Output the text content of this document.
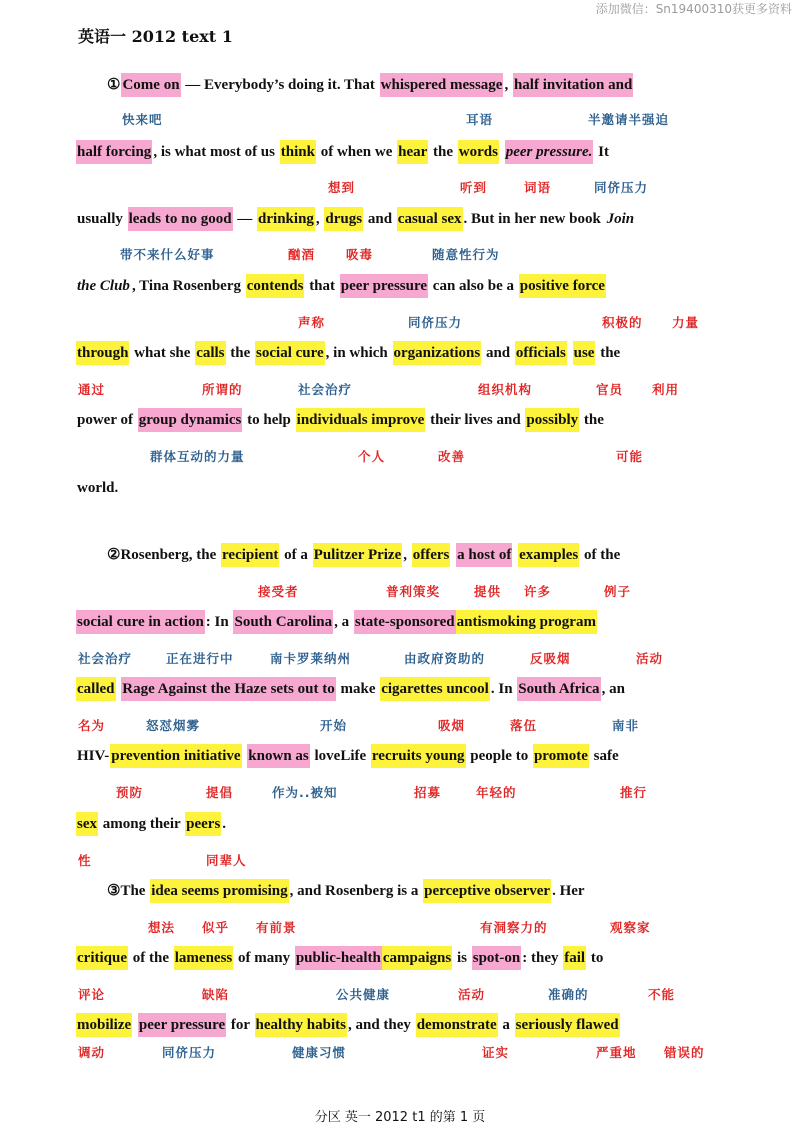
添加微信：Sn19400310获更多资料
英语一 2012 text 1
① Come on — Everybody’s doing it. That whispered message , half invitation and
half forcing , is what most of us think of when we hear the words peer pressure. It
usually leads to no good — drinking , drugs and casual sex . But in her new book Join
the Club , Tina Rosenberg contends that peer pressure can also be a positive force
through what she calls the social cure , in which organizations and officials use the
power of group dynamics to help individuals improve their lives and possibly the
world.
②Rosenberg, the recipient of a Pulitzer Prize , offers a host of examples of the
social cure in action : In South Carolina , a state-sponsored antismoking program
called Rage Against the Haze sets out to make cigarettes uncool . In South Africa , an
HIV- prevention initiative known as loveLife recruits young people to promote safe
sex among their peers .
③The idea seems promising , and Rosenberg is a perceptive observer . Her
critique of the lameness of many public-health campaigns is spot-on : they fail to
mobilize peer pressure for healthy habits , and they demonstrate a seriously flawed
快来吧	耳语	半邀请半强迫
想到	听到	词语	同侪压力
带不来什么好事	酗酒 吸毒	随意性行为
声称	同侪压力	积极的 力量
通过	所谓的	社会治疗	组织机构	官员 利用
群体互动的力量	个人	改善	可能
接受者	普利策奖	提供 许多	例子
社会治疗	正在进行中	南卡罗莱纳州	由政府资助的	反吸烟	活动
名为	怒怼烟雾	开始	吸烟	落伍	南非
预防	提倡	作为..被知	招募	年轻的	推行
性	同辈人
想法 似乎 有前景	有洞察力的	观察家
评论	缺陷	公共健康	活动	准确的	不能
调动	同侪压力	健康习惯	证实	严重地 错误的
分区 英一 2012 t1 的第 1 页
